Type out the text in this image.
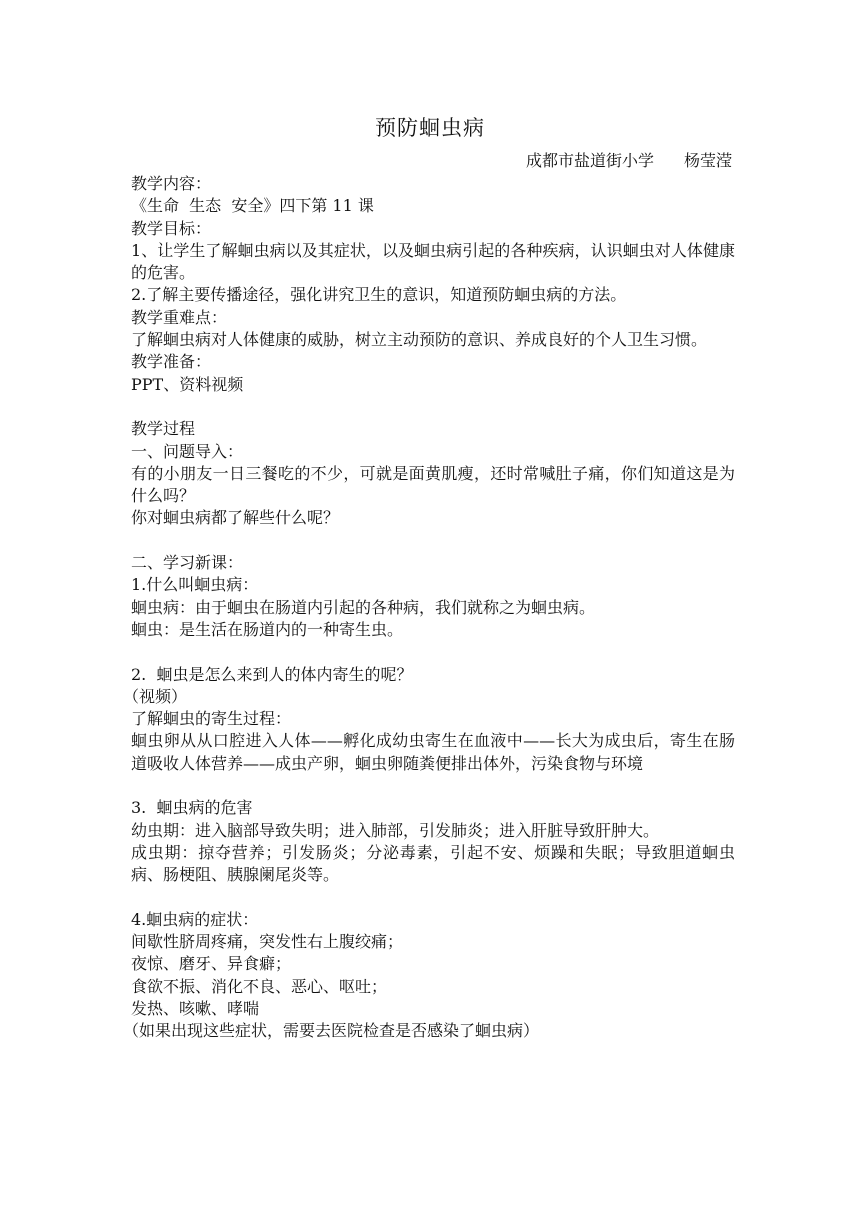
预防蛔虫病
成都市盐道街小学 杨莹滢
教学内容：
《生命  生态  安全》四下第 11 课
教学目标：
1、让学生了解蛔虫病以及其症状，以及蛔虫病引起的各种疾病，认识蛔虫对人体健康的危害。
2.了解主要传播途径，强化讲究卫生的意识，知道预防蛔虫病的方法。
教学重难点：
了解蛔虫病对人体健康的威胁，树立主动预防的意识、养成良好的个人卫生习惯。
教学准备：
PPT、资料视频
教学过程
一、问题导入：
有的小朋友一日三餐吃的不少，可就是面黄肌瘦，还时常喊肚子痛，你们知道这是为什么吗？
你对蛔虫病都了解些什么呢？
二、学习新课：
1.什么叫蛔虫病：
蛔虫病：由于蛔虫在肠道内引起的各种病，我们就称之为蛔虫病。
蛔虫：是生活在肠道内的一种寄生虫。
2.  蛔虫是怎么来到人的体内寄生的呢？
（视频）
了解蛔虫的寄生过程：
蛔虫卵从从口腔进入人体——孵化成幼虫寄生在血液中——长大为成虫后，寄生在肠道吸收人体营养——成虫产卵，蛔虫卵随粪便排出体外，污染食物与环境
3.  蛔虫病的危害
幼虫期：进入脑部导致失明；进入肺部，引发肺炎；进入肝脏导致肝肿大。
成虫期：掠夺营养；引发肠炎；分泌毒素，引起不安、烦躁和失眠；导致胆道蛔虫病、肠梗阻、胰腺阑尾炎等。
4.蛔虫病的症状：
间歇性脐周疼痛，突发性右上腹绞痛；
夜惊、磨牙、异食癖；
食欲不振、消化不良、恶心、呕吐；
发热、咳嗽、哮喘
（如果出现这些症状，需要去医院检查是否感染了蛔虫病）
